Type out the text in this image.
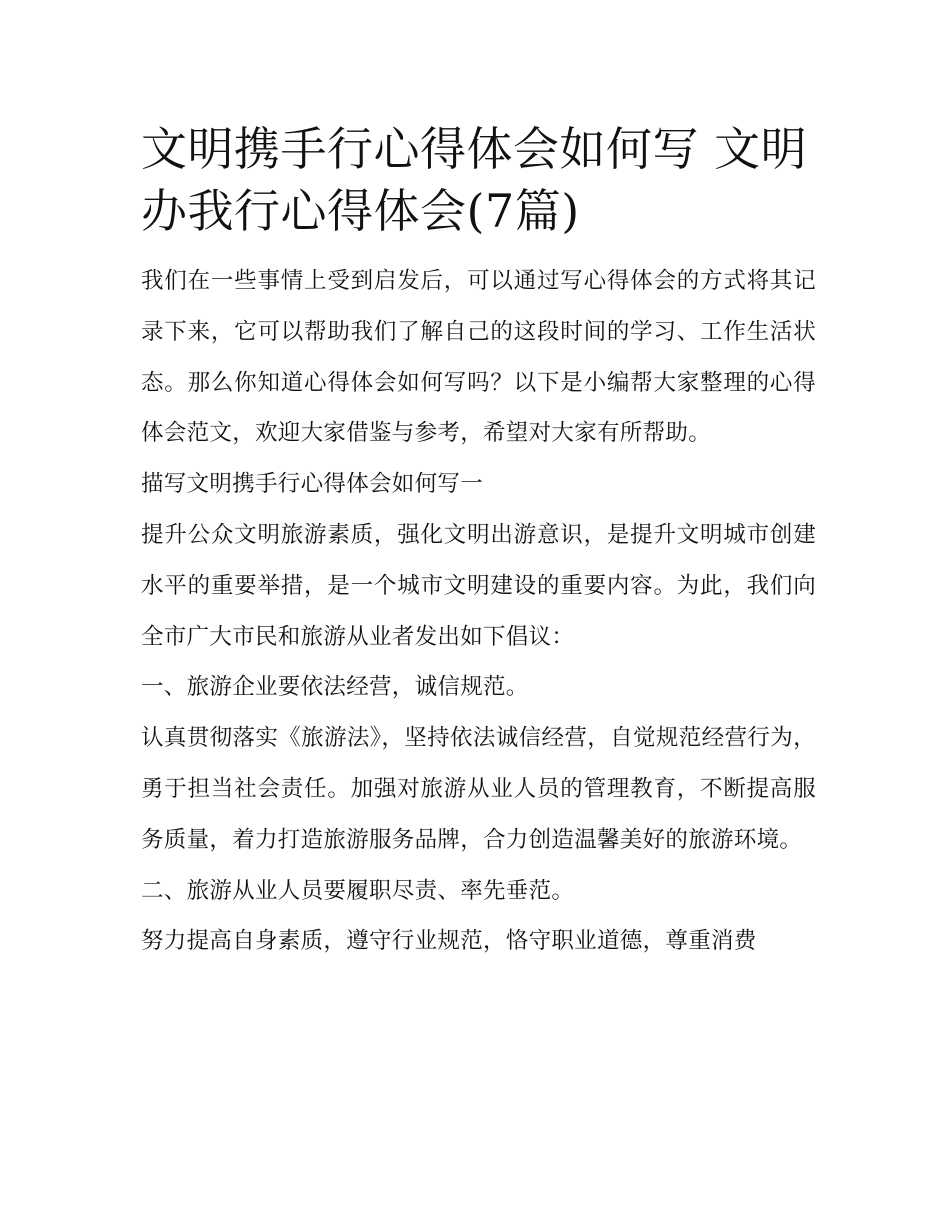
文明携手行心得体会如何写 文明办我行心得体会(7篇)

我们在一些事情上受到启发后，可以通过写心得体会的方式将其记录下来，它可以帮助我们了解自己的这段时间的学习、工作生活状态。那么你知道心得体会如何写吗？以下是小编帮大家整理的心得体会范文，欢迎大家借鉴与参考，希望对大家有所帮助。

描写文明携手行心得体会如何写一

提升公众文明旅游素质，强化文明出游意识，是提升文明城市创建水平的重要举措，是一个城市文明建设的重要内容。为此，我们向全市广大市民和旅游从业者发出如下倡议：

一、旅游企业要依法经营，诚信规范。

认真贯彻落实《旅游法》，坚持依法诚信经营，自觉规范经营行为，勇于担当社会责任。加强对旅游从业人员的管理教育，不断提高服务质量，着力打造旅游服务品牌，合力创造温馨美好的旅游环境。

二、旅游从业人员要履职尽责、率先垂范。

努力提高自身素质，遵守行业规范，恪守职业道德，尊重消费
